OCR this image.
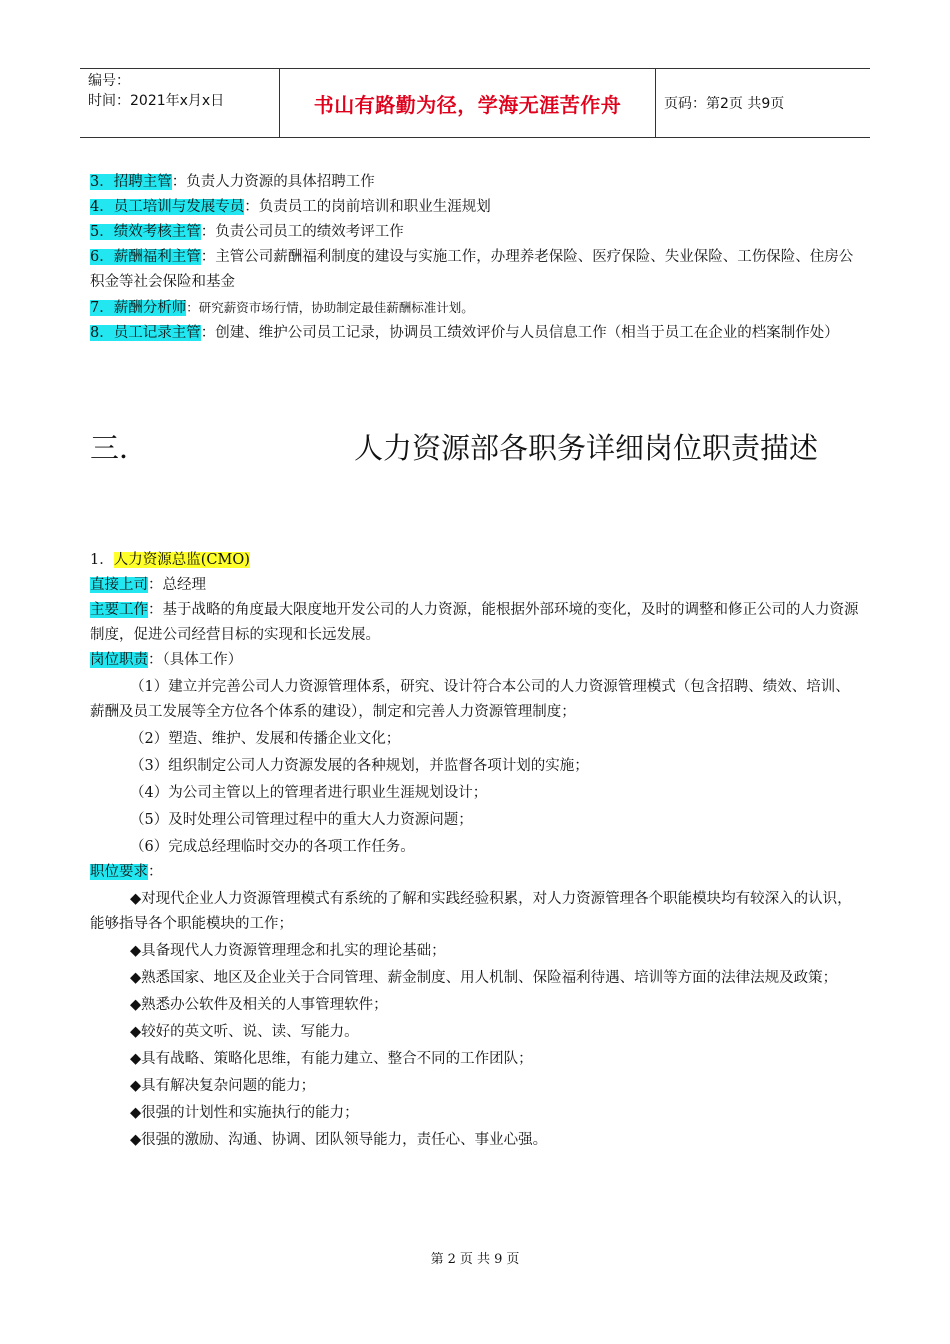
编号：
时间：2021年x月x日	书山有路勤为径，学海无涯苦作舟	页码：第2页 共9页

3．招聘主管：负责人力资源的具体招聘工作

4．员工培训与发展专员：负责员工的岗前培训和职业生涯规划

5．绩效考核主管：负责公司员工的绩效考评工作

6．薪酬福利主管：主管公司薪酬福利制度的建设与实施工作，办理养老保险、医疗保险、失业保险、工伤保险、住房公积金等社会保险和基金

7．薪酬分析师：研究薪资市场行情，协助制定最佳薪酬标准计划。

8．员工记录主管：创建、维护公司员工记录，协调员工绩效评价与人员信息工作（相当于员工在企业的档案制作处）

三．	人力资源部各职务详细岗位职责描述

1．人力资源总监(CMO)

直接上司：总经理

主要工作：基于战略的角度最大限度地开发公司的人力资源，能根据外部环境的变化，及时的调整和修正公司的人力资源制度，促进公司经营目标的实现和长远发展。

岗位职责：（具体工作）

（1）建立并完善公司人力资源管理体系，研究、设计符合本公司的人力资源管理模式（包含招聘、绩效、培训、薪酬及员工发展等全方位各个体系的建设），制定和完善人力资源管理制度；

（2）塑造、维护、发展和传播企业文化；

（3）组织制定公司人力资源发展的各种规划，并监督各项计划的实施；

（4）为公司主管以上的管理者进行职业生涯规划设计；

（5）及时处理公司管理过程中的重大人力资源问题；

（6）完成总经理临时交办的各项工作任务。

职位要求：

◆对现代企业人力资源管理模式有系统的了解和实践经验积累，对人力资源管理各个职能模块均有较深入的认识，能够指导各个职能模块的工作；

◆具备现代人力资源管理理念和扎实的理论基础；

◆熟悉国家、地区及企业关于合同管理、薪金制度、用人机制、保险福利待遇、培训等方面的法律法规及政策；

◆熟悉办公软件及相关的人事管理软件；

◆较好的英文听、说、读、写能力。

◆具有战略、策略化思维，有能力建立、整合不同的工作团队；

◆具有解决复杂问题的能力；

◆很强的计划性和实施执行的能力；

◆很强的激励、沟通、协调、团队领导能力，责任心、事业心强。

第 2 页 共 9 页
